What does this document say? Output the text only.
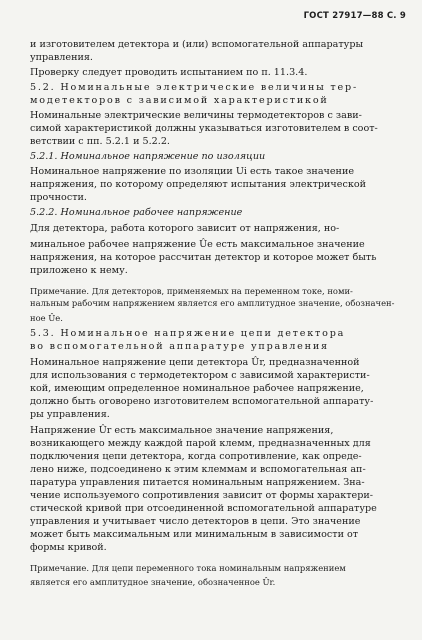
ГОСТ 27917—88 С. 9
и изготовителем детектора и (или) вспомогательной аппаратуры
управления.
Проверку следует проводить испытанием по п. 11.3.4.
5.2. Номинальные электрические величины тер-
модетекторов с зависимой характеристикой
Номинальные электрические величины термодетекторов с зави-
симой характеристикой должны указываться изготовителем в соот-
ветствии с пп. 5.2.1 и 5.2.2.
5.2.1. Номинальное напряжение по изоляции
Номинальное напряжение по изоляции Ui есть такое значение
напряжения, по которому определяют испытания электрической
прочности.
5.2.2. Номинальное рабочее напряжение
Для детектора, работа которого зависит от напряжения, но-
минальное рабочее напряжение Ûe есть максимальное значение
напряжения, на которое рассчитан детектор и которое может быть
приложено к нему.
Примечание. Для детекторов, применяемых на переменном токе, номи-
нальным рабочим напряжением является его амплитудное значение, обозначен-
ное Ûe.
5.3. Номинальное напряжение цепи детектора
во вспомогательной аппаратуре управления
Номинальное напряжение цепи детектора Ûr, предназначенной
для использования с термодетектором с зависимой характеристи-
кой, имеющим определенное номинальное рабочее напряжение,
должно быть оговорено изготовителем вспомогательной аппарату-
ры управления.
Напряжение Ûr есть максимальное значение напряжения,
возникающего между каждой парой клемм, предназначенных для
подключения цепи детектора, когда сопротивление, как опреде-
лено ниже, подсоединено к этим клеммам и вспомогательная ап-
паратура управления питается номинальным напряжением. Зна-
чение используемого сопротивления зависит от формы характери-
стической кривой при отсоединенной вспомогательной аппаратуре
управления и учитывает число детекторов в цепи. Это значение
может быть максимальным или минимальным в зависимости от
формы кривой.
Примечание. Для цепи переменного тока номинальным напряжением
является его амплитудное значение, обозначенное Ûr.
